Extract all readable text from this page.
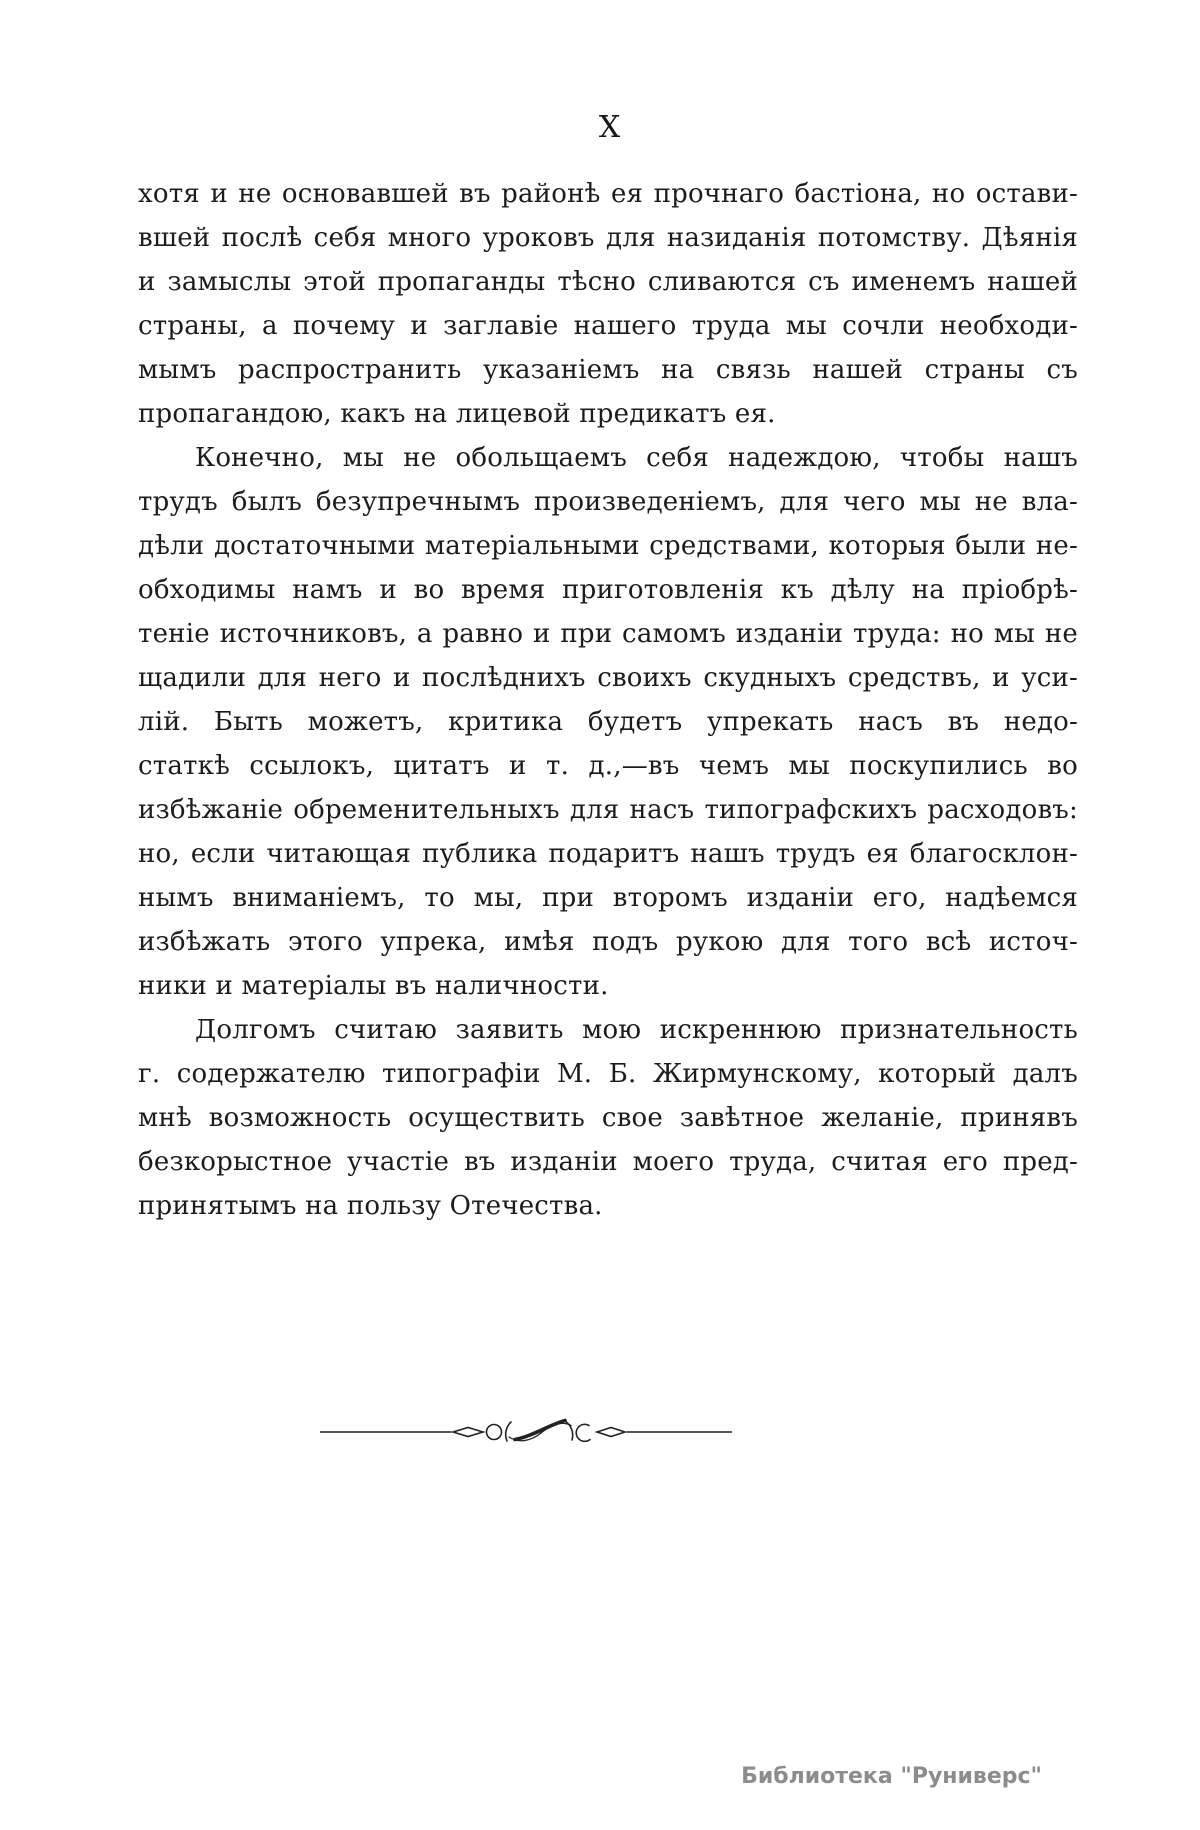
X
хотя и не основавшей въ районѣ ея прочнаго бастіона, но остави-
вшей послѣ себя много уроковъ для назиданія потомству. Дѣянія
и замыслы этой пропаганды тѣсно сливаются съ именемъ нашей
страны, а почему и заглавіе нашего труда мы сочли необходи-
мымъ распространить указаніемъ на связь нашей страны съ
пропагандою, какъ на лицевой предикатъ ея.
Конечно, мы не обольщаемъ себя надеждою, чтобы нашъ
трудъ былъ безупречнымъ произведеніемъ, для чего мы не вла-
дѣли достаточными матеріальными средствами, которыя были не-
обходимы намъ и во время приготовленія къ дѣлу на пріобрѣ-
теніе источниковъ, а равно и при самомъ изданіи труда: но мы не
щадили для него и послѣднихъ своихъ скудныхъ средствъ, и уси-
лій. Быть можетъ, критика будетъ упрекать насъ въ недо-
статкѣ ссылокъ, цитатъ и т. д.,—въ чемъ мы поскупились во
избѣжаніе обременительныхъ для насъ типографскихъ расходовъ:
но, если читающая публика подаритъ нашъ трудъ ея благосклон-
нымъ вниманіемъ, то мы, при второмъ изданіи его, надѣемся
избѣжать этого упрека, имѣя подъ рукою для того всѣ источ-
ники и матеріалы въ наличности.
Долгомъ считаю заявить мою искреннюю признательность
г. содержателю типографіи М. Б. Жирмунскому, который далъ
мнѣ возможность осуществить свое завѣтное желаніе, принявъ
безкорыстное участіе въ изданіи моего труда, считая его пред-
принятымъ на пользу Отечества.
Библиотека "Руниверс"
